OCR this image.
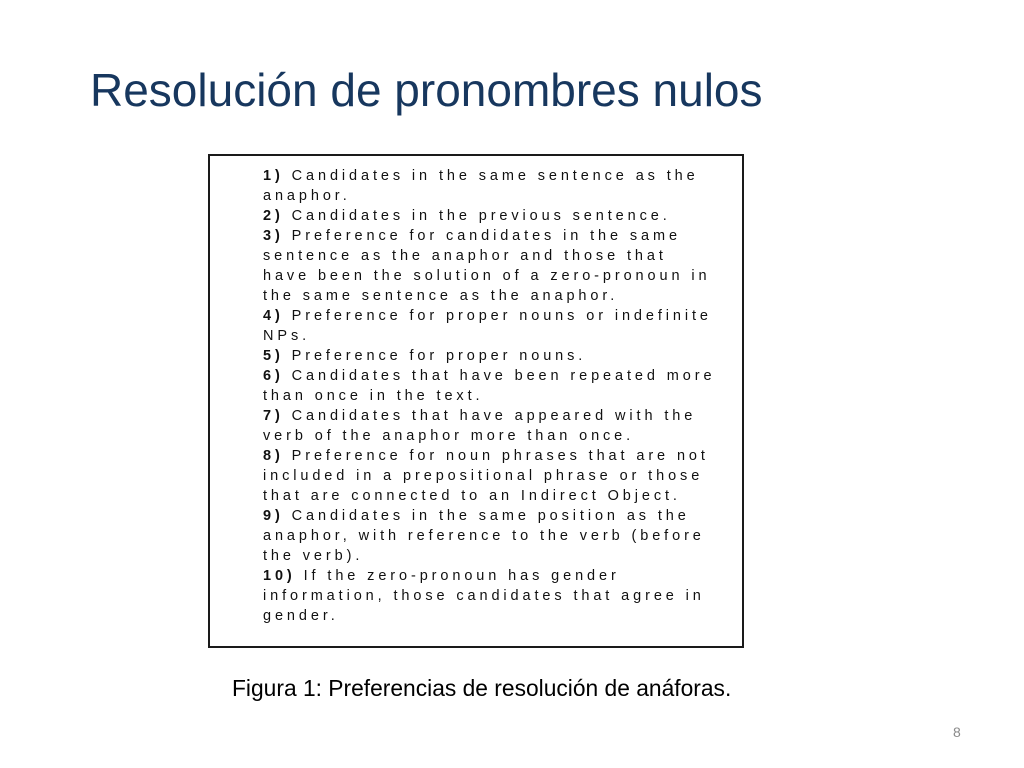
Resolución de pronombres nulos
1) Candidates in the same sentence as the
anaphor.
2) Candidates in the previous sentence.
3) Preference for candidates in the same
sentence as the anaphor and those that
have been the solution of a zero-pronoun in
the same sentence as the anaphor.
4) Preference for proper nouns or indefinite
NPs.
5) Preference for proper nouns.
6) Candidates that have been repeated more
than once in the text.
7) Candidates that have appeared with the
verb of the anaphor more than once.
8) Preference for noun phrases that are not
included in a prepositional phrase or those
that are connected to an Indirect Object.
9) Candidates in the same position as the
anaphor, with reference to the verb (before
the verb).
10) If the zero-pronoun has gender
information, those candidates that agree in
gender.
Figura 1: Preferencias de resolución de anáforas.
8
